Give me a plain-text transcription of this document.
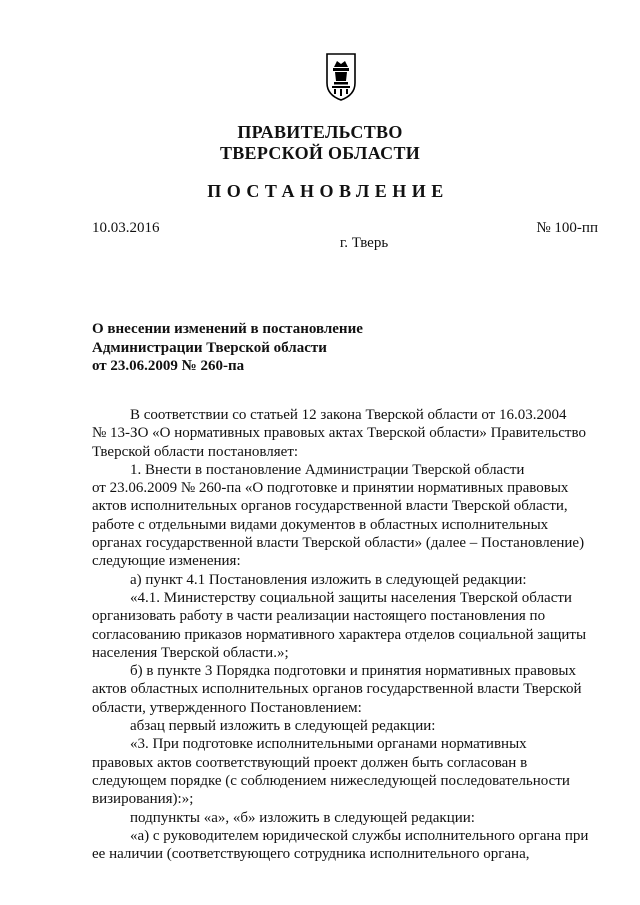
ПРАВИТЕЛЬСТВО
ТВЕРСКОЙ ОБЛАСТИ
ПОСТАНОВЛЕНИЕ
10.03.2016	№ 100-пп
г. Тверь
О внесении изменений в постановление
Администрации Тверской области
от 23.06.2009 № 260-па
В соответствии со статьей 12 закона Тверской области от 16.03.2004
№ 13-ЗО «О нормативных правовых актах Тверской области» Правительство
Тверской области постановляет:
1. Внести в постановление Администрации Тверской области
от 23.06.2009 № 260-па «О подготовке и принятии нормативных правовых
актов исполнительных органов государственной власти Тверской области,
работе с отдельными видами документов в областных исполнительных
органах государственной власти Тверской области» (далее – Постановление)
следующие изменения:
а) пункт 4.1 Постановления изложить в следующей редакции:
«4.1. Министерству социальной защиты населения Тверской области
организовать работу в части реализации настоящего постановления по
согласованию приказов нормативного характера отделов социальной защиты
населения Тверской области.»;
б) в пункте 3 Порядка подготовки и принятия нормативных правовых
актов областных исполнительных органов государственной власти Тверской
области, утвержденного Постановлением:
абзац первый изложить в следующей редакции:
«3. При подготовке исполнительными органами нормативных
правовых актов соответствующий проект должен быть согласован в
следующем порядке (с соблюдением нижеследующей последовательности
визирования):»;
подпункты «а», «б» изложить в следующей редакции:
«а) с руководителем юридической службы исполнительного органа при
ее наличии (соответствующего сотрудника исполнительного органа,
